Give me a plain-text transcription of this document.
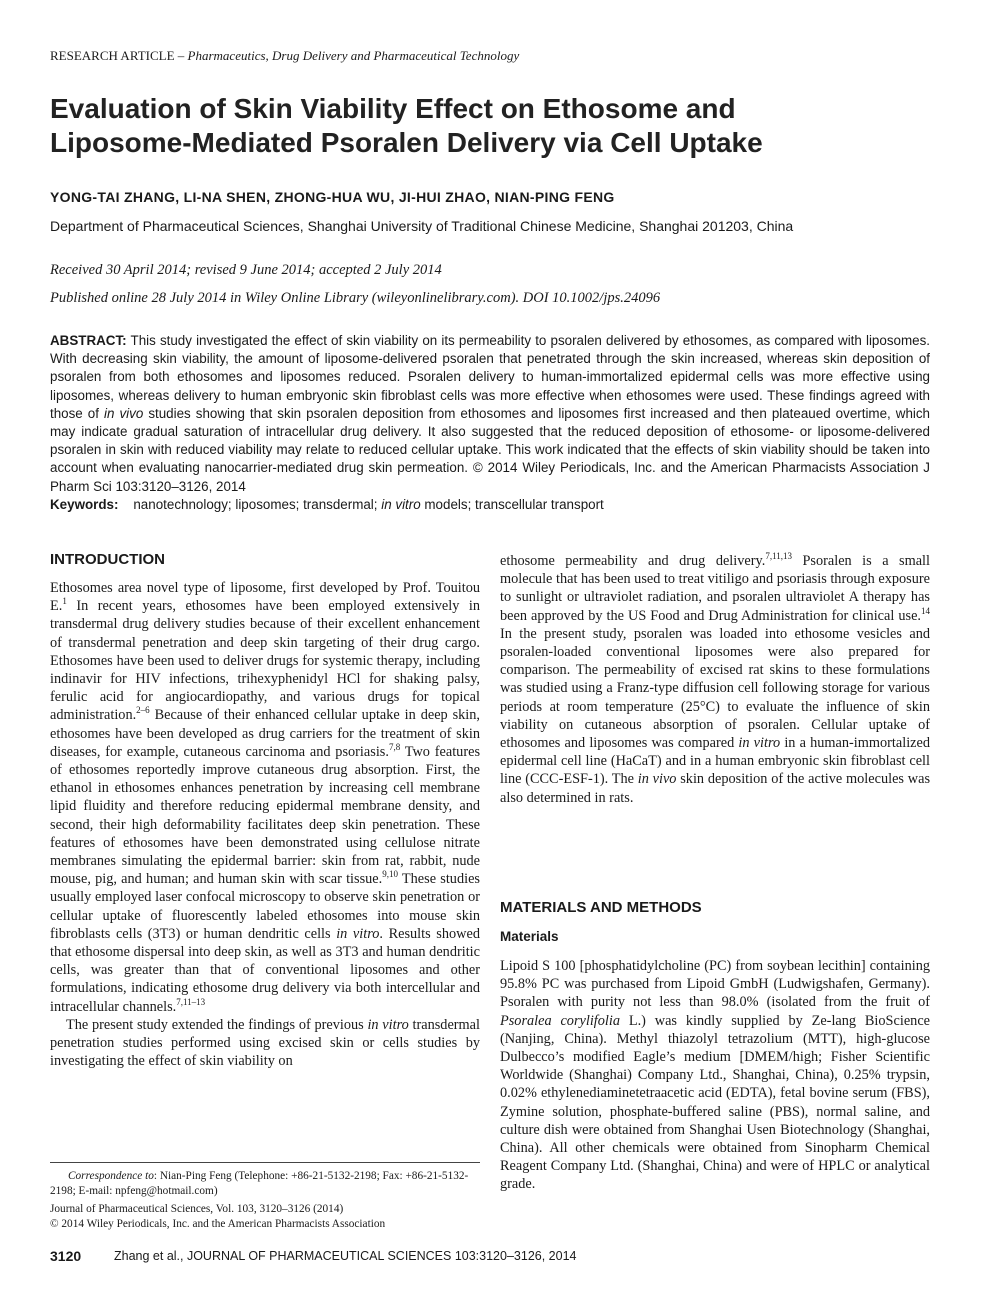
RESEARCH ARTICLE – Pharmaceutics, Drug Delivery and Pharmaceutical Technology
Evaluation of Skin Viability Effect on Ethosome and
Liposome-Mediated Psoralen Delivery via Cell Uptake
YONG-TAI ZHANG, LI-NA SHEN, ZHONG-HUA WU, JI-HUI ZHAO, NIAN-PING FENG
Department of Pharmaceutical Sciences, Shanghai University of Traditional Chinese Medicine, Shanghai 201203, China
Received 30 April 2014; revised 9 June 2014; accepted 2 July 2014
Published online 28 July 2014 in Wiley Online Library (wileyonlinelibrary.com). DOI 10.1002/jps.24096
ABSTRACT: This study investigated the effect of skin viability on its permeability to psoralen delivered by ethosomes, as compared with liposomes. With decreasing skin viability, the amount of liposome-delivered psoralen that penetrated through the skin increased, whereas skin deposition of psoralen from both ethosomes and liposomes reduced. Psoralen delivery to human-immortalized epidermal cells was more effective using liposomes, whereas delivery to human embryonic skin fibroblast cells was more effective when ethosomes were used. These findings agreed with those of in vivo studies showing that skin psoralen deposition from ethosomes and liposomes first increased and then plateaued overtime, which may indicate gradual saturation of intracellular drug delivery. It also suggested that the reduced deposition of ethosome- or liposome-delivered psoralen in skin with reduced viability may relate to reduced cellular uptake. This work indicated that the effects of skin viability should be taken into account when evaluating nanocarrier-mediated drug skin permeation. © 2014 Wiley Periodicals, Inc. and the American Pharmacists Association J Pharm Sci 103:3120–3126, 2014
Keywords: nanotechnology; liposomes; transdermal; in vitro models; transcellular transport
INTRODUCTION

Ethosomes area novel type of liposome, first developed by Prof. Touitou E.$^1$ In recent years, ethosomes have been employed extensively in transdermal drug delivery studies because of their excellent enhancement of transdermal penetration and deep skin targeting of their drug cargo. Ethosomes have been used to deliver drugs for systemic therapy, including indinavir for HIV infections, trihexyphenidyl HCl for shaking palsy, ferulic acid for angiocardiopathy, and various drugs for topical administration.$^{2-6}$ Because of their enhanced cellular uptake in deep skin, ethosomes have been developed as drug carriers for the treatment of skin diseases, for example, cutaneous carcinoma and psoriasis.$^{7,8}$ Two features of ethosomes reportedly improve cutaneous drug absorption. First, the ethanol in ethosomes enhances penetration by increasing cell membrane lipid fluidity and therefore reducing epidermal membrane density, and second, their high deformability facilitates deep skin penetration. These features of ethosomes have been demonstrated using cellulose nitrate membranes simulating the epidermal barrier: skin from rat, rabbit, nude mouse, pig, and human; and human skin with scar tissue.$^{9,10}$ These studies usually employed laser confocal microscopy to observe skin penetration or cellular uptake of fluorescently labeled ethosomes into mouse skin fibroblasts cells (3T3) or human dendritic cells in vitro. Results showed that ethosome dispersal into deep skin, as well as 3T3 and human dendritic cells, was greater than that of conventional liposomes and other formulations, indicating ethosome drug delivery via both intercellular and intracellular channels.$^{7,11-13}$

The present study extended the findings of previous in vitro transdermal penetration studies performed using excised skin or cells studies by investigating the effect of skin viability on

Correspondence to: Nian-Ping Feng (Telephone: +86-21-5132-2198; Fax: +86-21-5132-2198; E-mail: npfeng@hotmail.com)
Journal of Pharmaceutical Sciences, Vol. 103, 3120–3126 (2014)
© 2014 Wiley Periodicals, Inc. and the American Pharmacists Association

ethosome permeability and drug delivery.$^{7,11,13}$ Psoralen is a small molecule that has been used to treat vitiligo and psoriasis through exposure to sunlight or ultraviolet radiation, and psoralen ultraviolet A therapy has been approved by the US Food and Drug Administration for clinical use.$^{14}$ In the present study, psoralen was loaded into ethosome vesicles and psoralen-loaded conventional liposomes were also prepared for comparison. The permeability of excised rat skins to these formulations was studied using a Franz-type diffusion cell following storage for various periods at room temperature (25°C) to evaluate the influence of skin viability on cutaneous absorption of psoralen. Cellular uptake of ethosomes and liposomes was compared in vitro in a human-immortalized epidermal cell line (HaCaT) and in a human embryonic skin fibroblast cell line (CCC-ESF-1). The in vivo skin deposition of the active molecules was also determined in rats.

MATERIALS AND METHODS
Materials

Lipoid S 100 [phosphatidylcholine (PC) from soybean lecithin] containing 95.8% PC was purchased from Lipoid GmbH (Ludwigshafen, Germany). Psoralen with purity not less than 98.0% (isolated from the fruit of Psoralea corylifolia L.) was kindly supplied by Ze-lang BioScience (Nanjing, China). Methyl thiazolyl tetrazolium (MTT), high-glucose Dulbecco’s modified Eagle’s medium [DMEM/high; Fisher Scientific Worldwide (Shanghai) Company Ltd., Shanghai, China), 0.25% trypsin, 0.02% ethylenediaminetetraacetic acid (EDTA), fetal bovine serum (FBS), Zymine solution, phosphate-buffered saline (PBS), normal saline, and culture dish were obtained from Shanghai Usen Biotechnology (Shanghai, China). All other chemicals were obtained from Sinopharm Chemical Reagent Company Ltd. (Shanghai, China) and were of HPLC or analytical grade.

3120	Zhang et al., JOURNAL OF PHARMACEUTICAL SCIENCES 103:3120–3126, 2014
